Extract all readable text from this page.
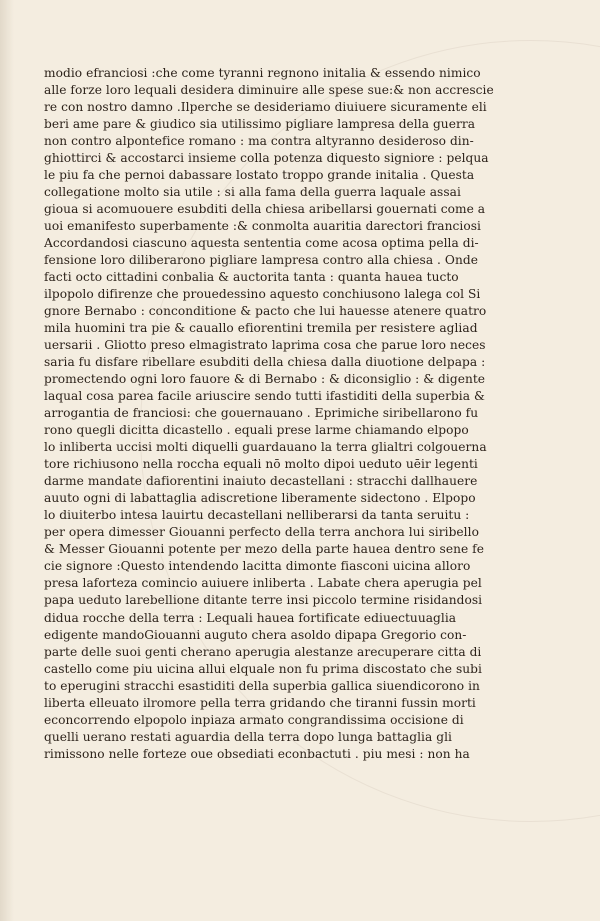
modio efranciosi :che come tyranni regnono initalia & essendo nimico
alle forze loro lequali desidera diminuire alle spese sue:& non accrescie
re con nostro damno .Ilperche se desideriamo diuiuere sicuramente eli
beri ame pare & giudico sia utilissimo pigliare lampresa della guerra
non contro alpontefice romano : ma contra altyranno desideroso din-
ghiottirci & accostarci insieme colla potenza diquesto signiore : pelqua
le piu fa che pernoi dabassare lostato troppo grande initalia . Questa
collegatione molto sia utile : si alla fama della guerra laquale assai
gioua si acomuouere esubditi della chiesa aribellarsi gouernati come a
uoi emanifesto superbamente :& conmolta auaritia darectori franciosi
Accordandosi ciascuno aquesta sententia come acosa optima pella di-
fensione loro diliberarono pigliare lampresa contro alla chiesa . Onde
facti octo cittadini conbalia & auctorita tanta : quanta hauea tucto
ilpopolo difirenze che prouedessino aquesto conchiusono lalega col Si
gnore Bernabo : conconditione & pacto che lui hauesse atenere quatro
mila huomini tra pie & cauallo efiorentini tremila per resistere agliad
uersarii . Gliotto preso elmagistrato laprima cosa che parue loro neces
saria fu disfare ribellare esubditi della chiesa dalla diuotione delpapa :
promectendo ogni loro fauore & di Bernabo : & diconsiglio : & digente
laqual cosa parea facile ariuscire sendo tutti ifastiditi della superbia &
arrogantia de franciosi: che gouernauano . Eprimiche siribellarono fu
rono quegli dicitta dicastello . equali prese larme chiamando elpopo
lo inliberta uccisi molti diquelli guardauano la terra glialtri colgouerna
tore richiusono nella roccha equali nō molto dipoi ueduto uēir legenti
darme mandate dafiorentini inaiuto decastellani : stracchi dallhauere
auuto ogni di labattaglia adiscretione liberamente sidectono . Elpopo
lo diuiterbo intesa lauirtu decastellani nelliberarsi da tanta seruitu :
per opera dimesser Giouanni perfecto della terra anchora lui siribello
& Messer Giouanni potente per mezo della parte hauea dentro sene fe
cie signore :Questo intendendo lacitta dimonte fiasconi uicina alloro
presa laforteza comincio auiuere inliberta . Labate chera aperugia pel
papa ueduto larebellione ditante terre insi piccolo termine risidandosi
didua rocche della terra : Lequali hauea fortificate ediuectuuaglia
edigente mandoGiouanni auguto chera asoldo dipapa Gregorio con-
parte delle suoi genti cherano aperugia alestanze arecuperare citta di
castello come piu uicina allui elquale non fu prima discostato che subi
to eperugini stracchi esastiditi della superbia gallica siuendicorono in
liberta elleuato ilromore pella terra gridando che tiranni fussin morti
econcorrendo elpopolo inpiaza armato congrandissima occisione di
quelli uerano restati aguardia della terra dopo lunga battaglia gli
rimissono nelle forteze oue obsediati econbactuti . piu mesi : non ha
